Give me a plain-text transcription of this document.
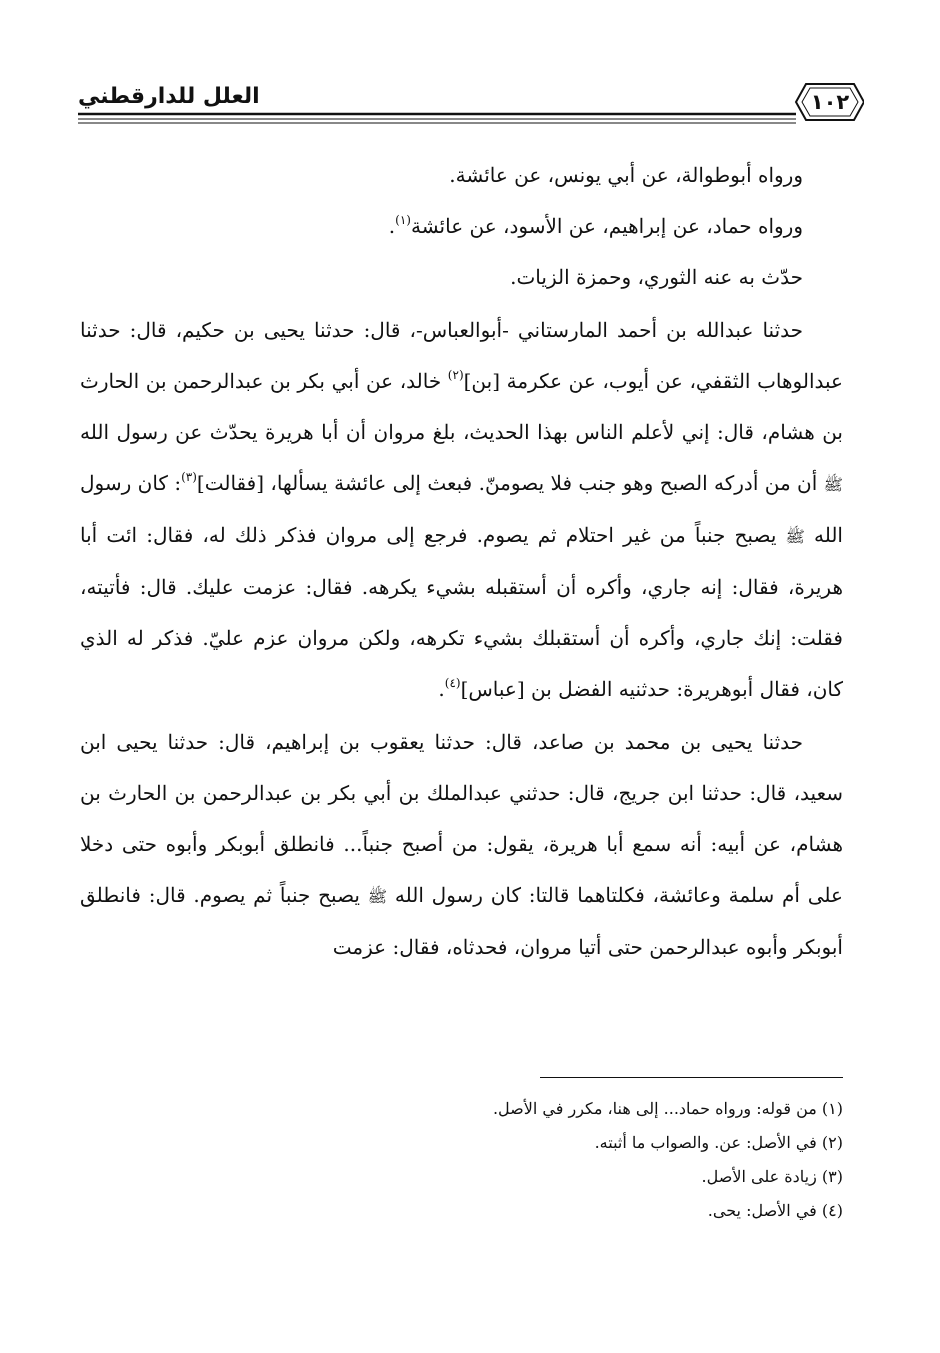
العلل للدارقطني	١٠٢

ورواه أبوطوالة، عن أبي يونس، عن عائشة.

ورواه حماد، عن إبراهيم، عن الأسود، عن عائشة$^{(١)}$.

حدّث به عنه الثوري، وحمزة الزيات.

حدثنا عبدالله بن أحمد المارستاني -أبوالعباس-، قال: حدثنا يحيى بن حكيم، قال: حدثنا عبدالوهاب الثقفي، عن أيوب، عن عكرمة [بن]$^{(٢)}$ خالد، عن أبي بكر بن عبدالرحمن بن الحارث بن هشام، قال: إني لأعلم الناس بهذا الحديث، بلغ مروان أن أبا هريرة يحدّث عن رسول الله ﷺ أن من أدركه الصبح وهو جنب فلا يصومنّ. فبعث إلى عائشة يسألها، [فقالت]$^{(٣)}$: كان رسول الله ﷺ يصبح جنباً من غير احتلام ثم يصوم. فرجع إلى مروان فذكر ذلك له، فقال: ائت أبا هريرة، فقال: إنه جاري، وأكره أن أستقبله بشيء يكرهه. فقال: عزمت عليك. قال: فأتيته، فقلت: إنك جاري، وأكره أن أستقبلك بشيء تكرهه، ولكن مروان عزم عليّ. فذكر له الذي كان، فقال أبوهريرة: حدثنيه الفضل بن [عباس]$^{(٤)}$.

حدثنا يحيى بن محمد بن صاعد، قال: حدثنا يعقوب بن إبراهيم، قال: حدثنا يحيى ابن سعيد، قال: حدثنا ابن جريج، قال: حدثني عبدالملك بن أبي بكر بن عبدالرحمن بن الحارث بن هشام، عن أبيه: أنه سمع أبا هريرة، يقول: من أصبح جنباً... فانطلق أبوبكر وأبوه حتى دخلا على أم سلمة وعائشة، فكلتاهما قالتا: كان رسول الله ﷺ يصبح جنباً ثم يصوم. قال: فانطلق أبوبكر وأبوه عبدالرحمن حتى أتيا مروان، فحدثاه، فقال: عزمت

(١) من قوله: ورواه حماد... إلى هنا، مكرر في الأصل.
(٢) في الأصل: عن. والصواب ما أثبته.
(٣) زيادة على الأصل.
(٤) في الأصل: يحى.
